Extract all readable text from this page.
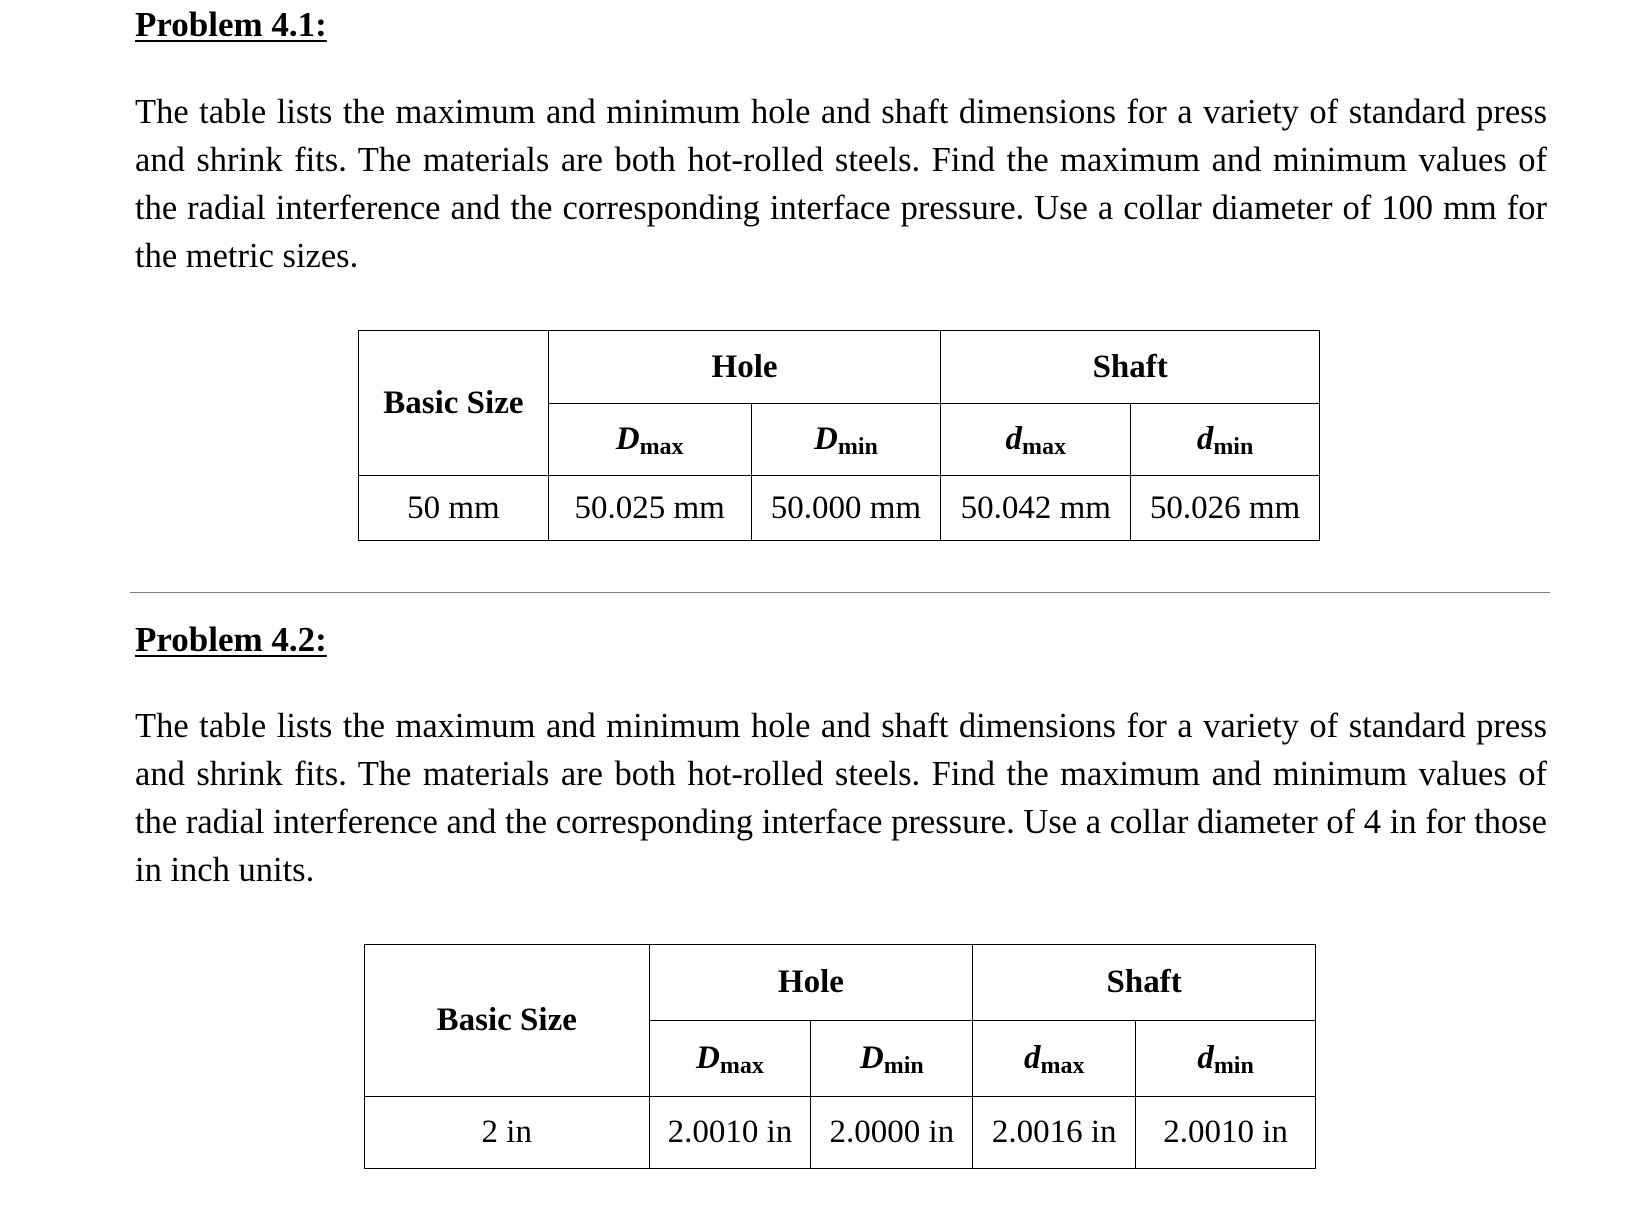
Problem 4.1:

The table lists the maximum and minimum hole and shaft dimensions for a variety of standard press and shrink fits. The materials are both hot-rolled steels. Find the maximum and minimum values of the radial interference and the corresponding interface pressure. Use a collar diameter of 100 mm for the metric sizes.

Basic Size	Hole		Shaft	
	$D_{max}$	$D_{min}$	$d_{max}$	$d_{min}$
50 mm	50.025 mm	50.000 mm	50.042 mm	50.026 mm
Problem 4.2:

The table lists the maximum and minimum hole and shaft dimensions for a variety of standard press and shrink fits. The materials are both hot-rolled steels. Find the maximum and minimum values of the radial interference and the corresponding interface pressure. Use a collar diameter of 4 in for those in inch units.

Basic Size	Hole		Shaft	
	$D_{max}$	$D_{min}$	$d_{max}$	$d_{min}$
2 in	2.0010 in	2.0000 in	2.0016 in	2.0010 in
